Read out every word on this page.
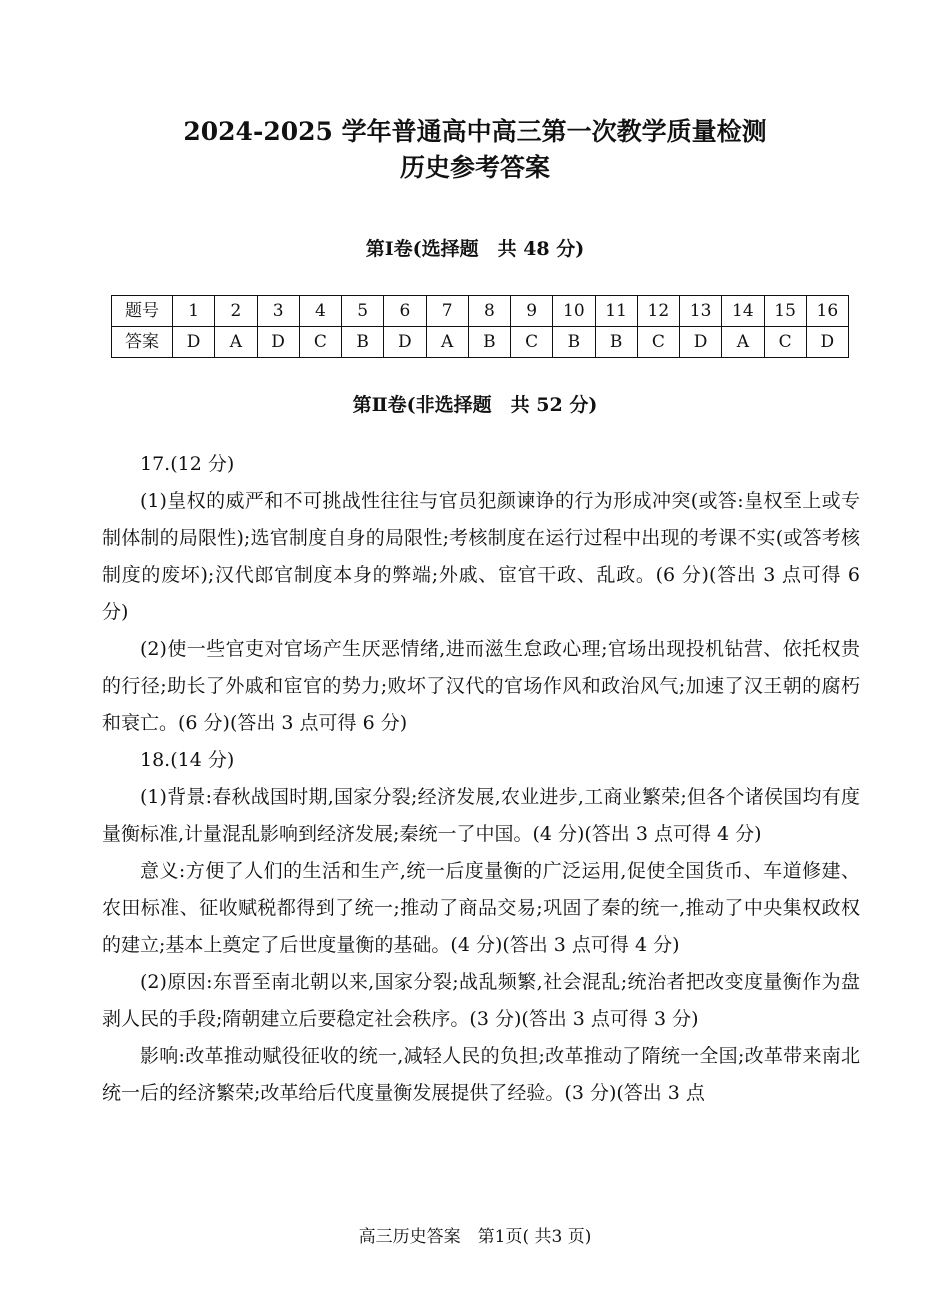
2024-2025 学年普通高中高三第一次教学质量检测
历史参考答案
第Ⅰ卷(选择题　共 48 分)
题号	1	2	3	4	5	6	7	8	9	10	11	12	13	14	15	16
答案	D	A	D	C	B	D	A	B	C	B	B	C	D	A	C	D
第Ⅱ卷(非选择题　共 52 分)

17.(12 分)

(1)皇权的威严和不可挑战性往往与官员犯颜谏诤的行为形成冲突(或答:皇权至上或专制体制的局限性);选官制度自身的局限性;考核制度在运行过程中出现的考课不实(或答考核制度的废坏);汉代郎官制度本身的弊端;外戚、宦官干政、乱政。(6 分)(答出 3 点可得 6 分)

(2)使一些官吏对官场产生厌恶情绪,进而滋生怠政心理;官场出现投机钻营、依托权贵的行径;助长了外戚和宦官的势力;败坏了汉代的官场作风和政治风气;加速了汉王朝的腐朽和衰亡。(6 分)(答出 3 点可得 6 分)

18.(14 分)

(1)背景:春秋战国时期,国家分裂;经济发展,农业进步,工商业繁荣;但各个诸侯国均有度量衡标准,计量混乱影响到经济发展;秦统一了中国。(4 分)(答出 3 点可得 4 分)

意义:方便了人们的生活和生产,统一后度量衡的广泛运用,促使全国货币、车道修建、农田标准、征收赋税都得到了统一;推动了商品交易;巩固了秦的统一,推动了中央集权政权的建立;基本上奠定了后世度量衡的基础。(4 分)(答出 3 点可得 4 分)

(2)原因:东晋至南北朝以来,国家分裂;战乱频繁,社会混乱;统治者把改变度量衡作为盘剥人民的手段;隋朝建立后要稳定社会秩序。(3 分)(答出 3 点可得 3 分)

影响:改革推动赋役征收的统一,减轻人民的负担;改革推动了隋统一全国;改革带来南北统一后的经济繁荣;改革给后代度量衡发展提供了经验。(3 分)(答出 3 点

高三历史答案　第1页( 共3 页)
